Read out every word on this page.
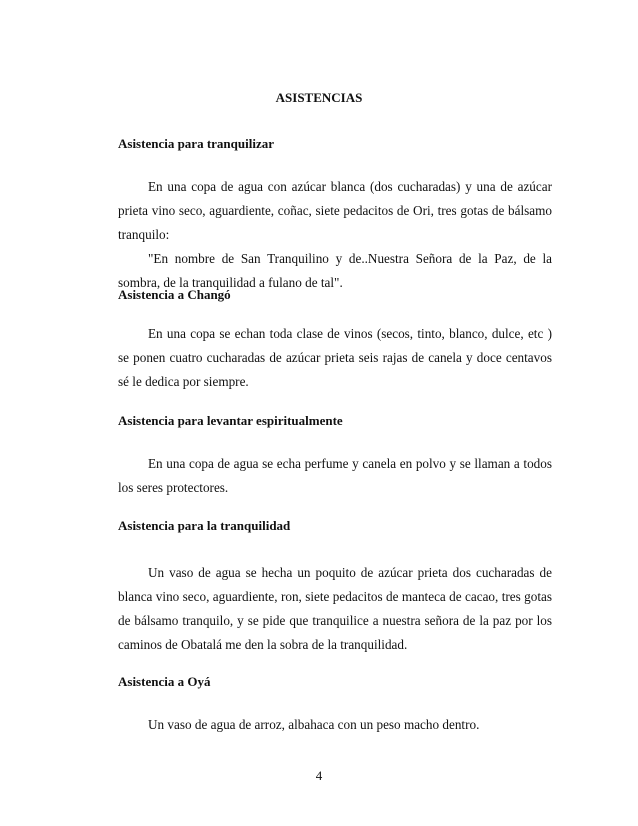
ASISTENCIAS
Asistencia para tranquilizar

En una copa de agua con azúcar blanca (dos cucharadas) y una de azúcar prieta vino seco, aguardiente, coñac, siete pedacitos de Ori, tres gotas de bálsamo tranquilo:

"En nombre de San Tranquilino y de..Nuestra Señora de la Paz, de la sombra, de la tranquilidad a fulano de tal".

Asistencia a Changó

En una copa se echan toda clase de vinos (secos, tinto, blanco, dulce, etc ) se ponen cuatro cucharadas de azúcar prieta seis rajas de canela y doce centavos sé le dedica por siempre.

Asistencia para levantar espiritualmente

En una copa de agua se echa perfume y canela en polvo y se llaman a todos los seres protectores.

Asistencia para la tranquilidad

Un vaso de agua se hecha un poquito de azúcar prieta dos cucharadas de blanca vino seco, aguardiente, ron, siete pedacitos de manteca de cacao, tres gotas de bálsamo tranquilo, y se pide que tranquilice a nuestra señora de la paz por los caminos de Obatalá me den la sobra de la tranquilidad.

Asistencia a Oyá

Un vaso de agua de arroz, albahaca con un peso macho dentro.

4
